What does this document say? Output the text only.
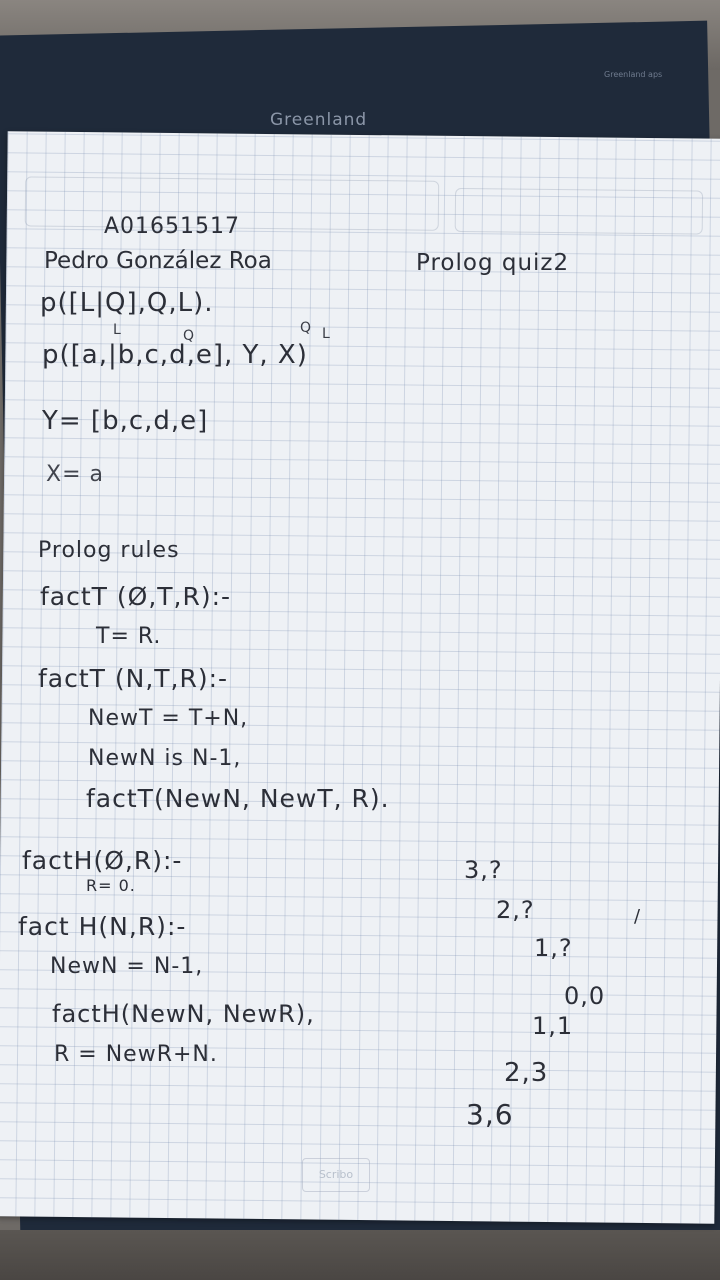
Greenland aps
Greenland
Scribo

A01651517

Pedro González Roa	Prolog quiz2

p([L|Q],Q,L).

L	Q	Q L

p([a,|b,c,d,e], Y, X)

Y= [b,c,d,e]

X= a

Prolog rules

factT (Ø,T,R):-

T= R.

factT (N,T,R):-

NewT = T+N,

NewN is N-1,

factT(NewN, NewT, R).

factH(Ø,R):-

R= 0.

fact H(N,R):-

NewN = N-1,

factH(NewN, NewR),

R = NewR+N.

3,?

2,?

1,?

0,0

1,1

2,3

3,6

/
